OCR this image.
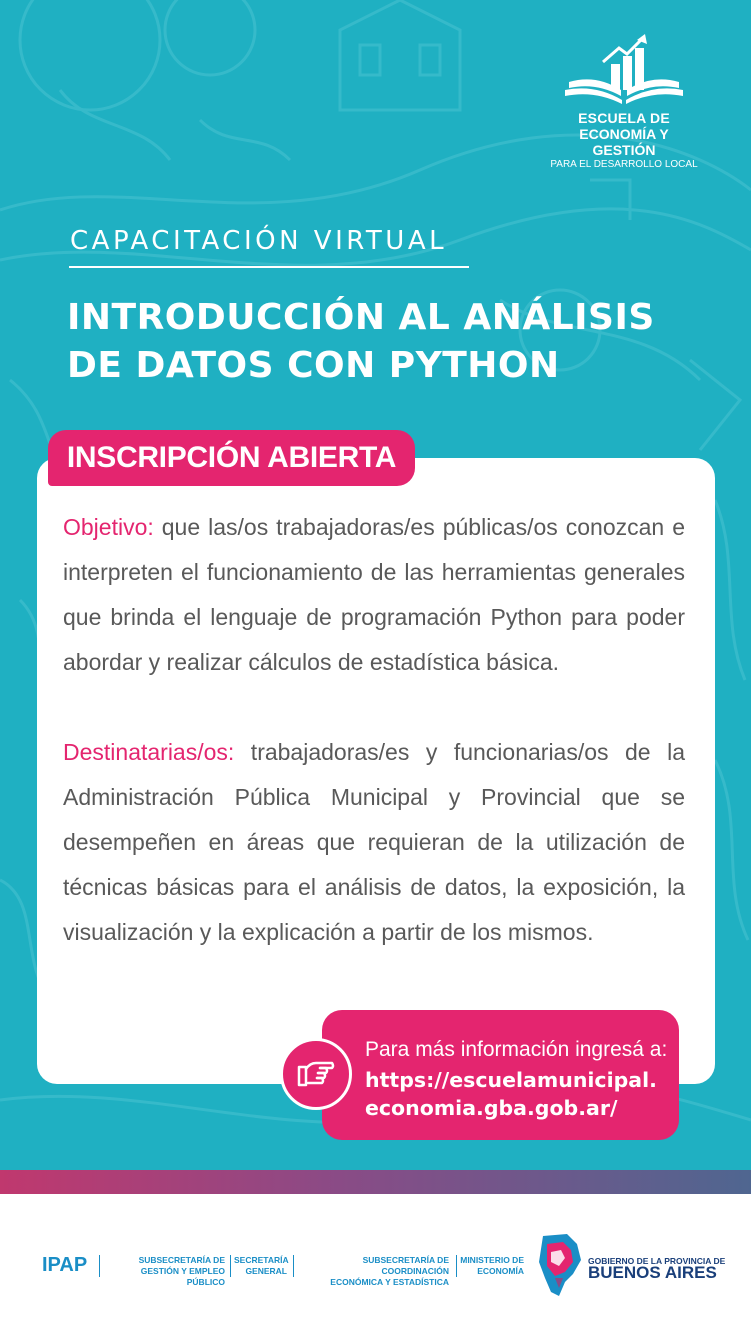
ESCUELA DE
ECONOMÍA Y GESTIÓN
PARA EL DESARROLLO LOCAL
CAPACITACIÓN VIRTUAL
INTRODUCCIÓN AL ANÁLISIS
DE DATOS CON PYTHON
INSCRIPCIÓN ABIERTA

Objetivo: que las/os trabajadoras/es públicas/os conozcan e interpreten el funcionamiento de las herramientas generales que brinda el lenguaje de programación Python para poder abordar y realizar cálculos de estadística básica.

Destinatarias/os: trabajadoras/es y funcionarias/os de la Administración Pública Municipal y Provincial que se desempeñen en áreas que requieran de la utilización de técnicas básicas para el análisis de datos, la exposición, la visualización y la explicación a partir de los mismos.

Para más información ingresá a:
https://escuelamunicipal.
economia.gba.gob.ar/
IPAP	SUBSECRETARÍA DE
GESTIÓN Y EMPLEO PÚBLICO
SECRETARÍA
GENERAL
SUBSECRETARÍA DE COORDINACIÓN
ECONÓMICA Y ESTADÍSTICA
MINISTERIO DE
ECONOMÍA
GOBIERNO DE LA PROVINCIA DE
BUENOS AIRES
